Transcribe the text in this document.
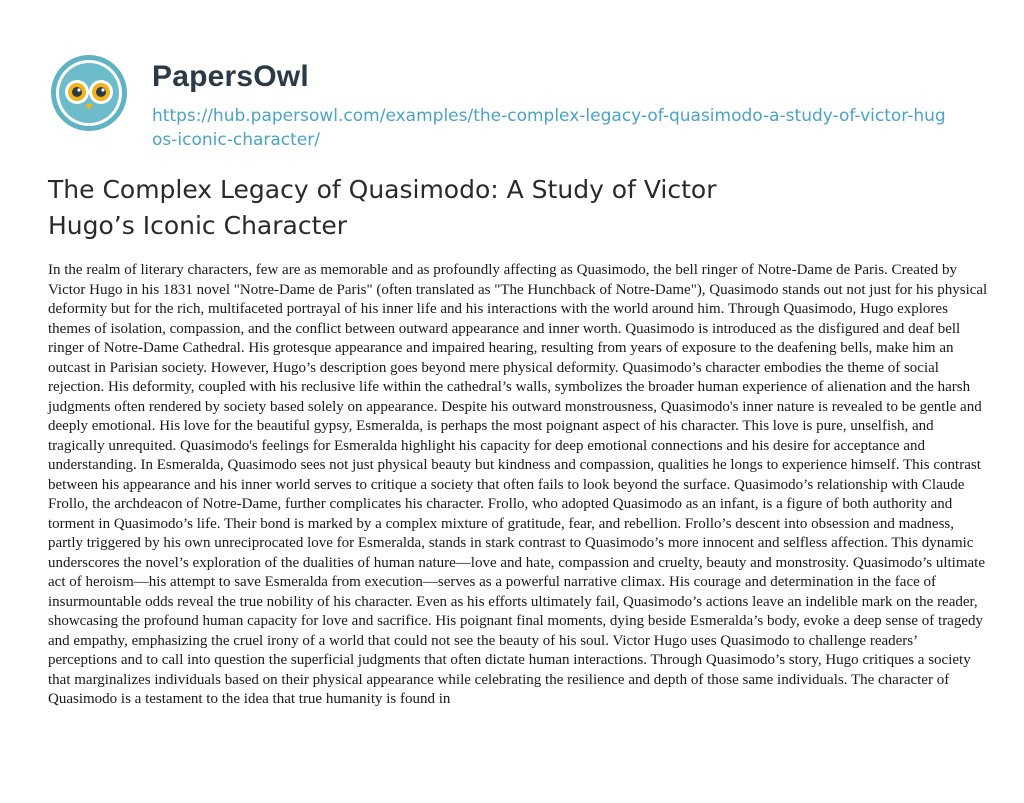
PapersOwl
https://hub.papersowl.com/examples/the-complex-legacy-of-quasimodo-a-study-of-victor-hugos-iconic-character/
The Complex Legacy of Quasimodo: A Study of Victor Hugo’s Iconic Character

In the realm of literary characters, few are as memorable and as profoundly affecting as Quasimodo, the bell ringer of Notre-Dame de Paris. Created by Victor Hugo in his 1831 novel "Notre-Dame de Paris" (often translated as "The Hunchback of Notre-Dame"), Quasimodo stands out not just for his physical deformity but for the rich, multifaceted portrayal of his inner life and his interactions with the world around him. Through Quasimodo, Hugo explores themes of isolation, compassion, and the conflict between outward appearance and inner worth. Quasimodo is introduced as the disfigured and deaf bell ringer of Notre-Dame Cathedral. His grotesque appearance and impaired hearing, resulting from years of exposure to the deafening bells, make him an outcast in Parisian society. However, Hugo’s description goes beyond mere physical deformity. Quasimodo’s character embodies the theme of social rejection. His deformity, coupled with his reclusive life within the cathedral’s walls, symbolizes the broader human experience of alienation and the harsh judgments often rendered by society based solely on appearance. Despite his outward monstrousness, Quasimodo's inner nature is revealed to be gentle and deeply emotional. His love for the beautiful gypsy, Esmeralda, is perhaps the most poignant aspect of his character. This love is pure, unselfish, and tragically unrequited. Quasimodo's feelings for Esmeralda highlight his capacity for deep emotional connections and his desire for acceptance and understanding. In Esmeralda, Quasimodo sees not just physical beauty but kindness and compassion, qualities he longs to experience himself. This contrast between his appearance and his inner world serves to critique a society that often fails to look beyond the surface. Quasimodo’s relationship with Claude Frollo, the archdeacon of Notre-Dame, further complicates his character. Frollo, who adopted Quasimodo as an infant, is a figure of both authority and torment in Quasimodo’s life. Their bond is marked by a complex mixture of gratitude, fear, and rebellion. Frollo’s descent into obsession and madness, partly triggered by his own unreciprocated love for Esmeralda, stands in stark contrast to Quasimodo’s more innocent and selfless affection. This dynamic underscores the novel’s exploration of the dualities of human nature—love and hate, compassion and cruelty, beauty and monstrosity. Quasimodo’s ultimate act of heroism—his attempt to save Esmeralda from execution—serves as a powerful narrative climax. His courage and determination in the face of insurmountable odds reveal the true nobility of his character. Even as his efforts ultimately fail, Quasimodo’s actions leave an indelible mark on the reader, showcasing the profound human capacity for love and sacrifice. His poignant final moments, dying beside Esmeralda’s body, evoke a deep sense of tragedy and empathy, emphasizing the cruel irony of a world that could not see the beauty of his soul. Victor Hugo uses Quasimodo to challenge readers’ perceptions and to call into question the superficial judgments that often dictate human interactions. Through Quasimodo’s story, Hugo critiques a society that marginalizes individuals based on their physical appearance while celebrating the resilience and depth of those same individuals. The character of Quasimodo is a testament to the idea that true humanity is found in
